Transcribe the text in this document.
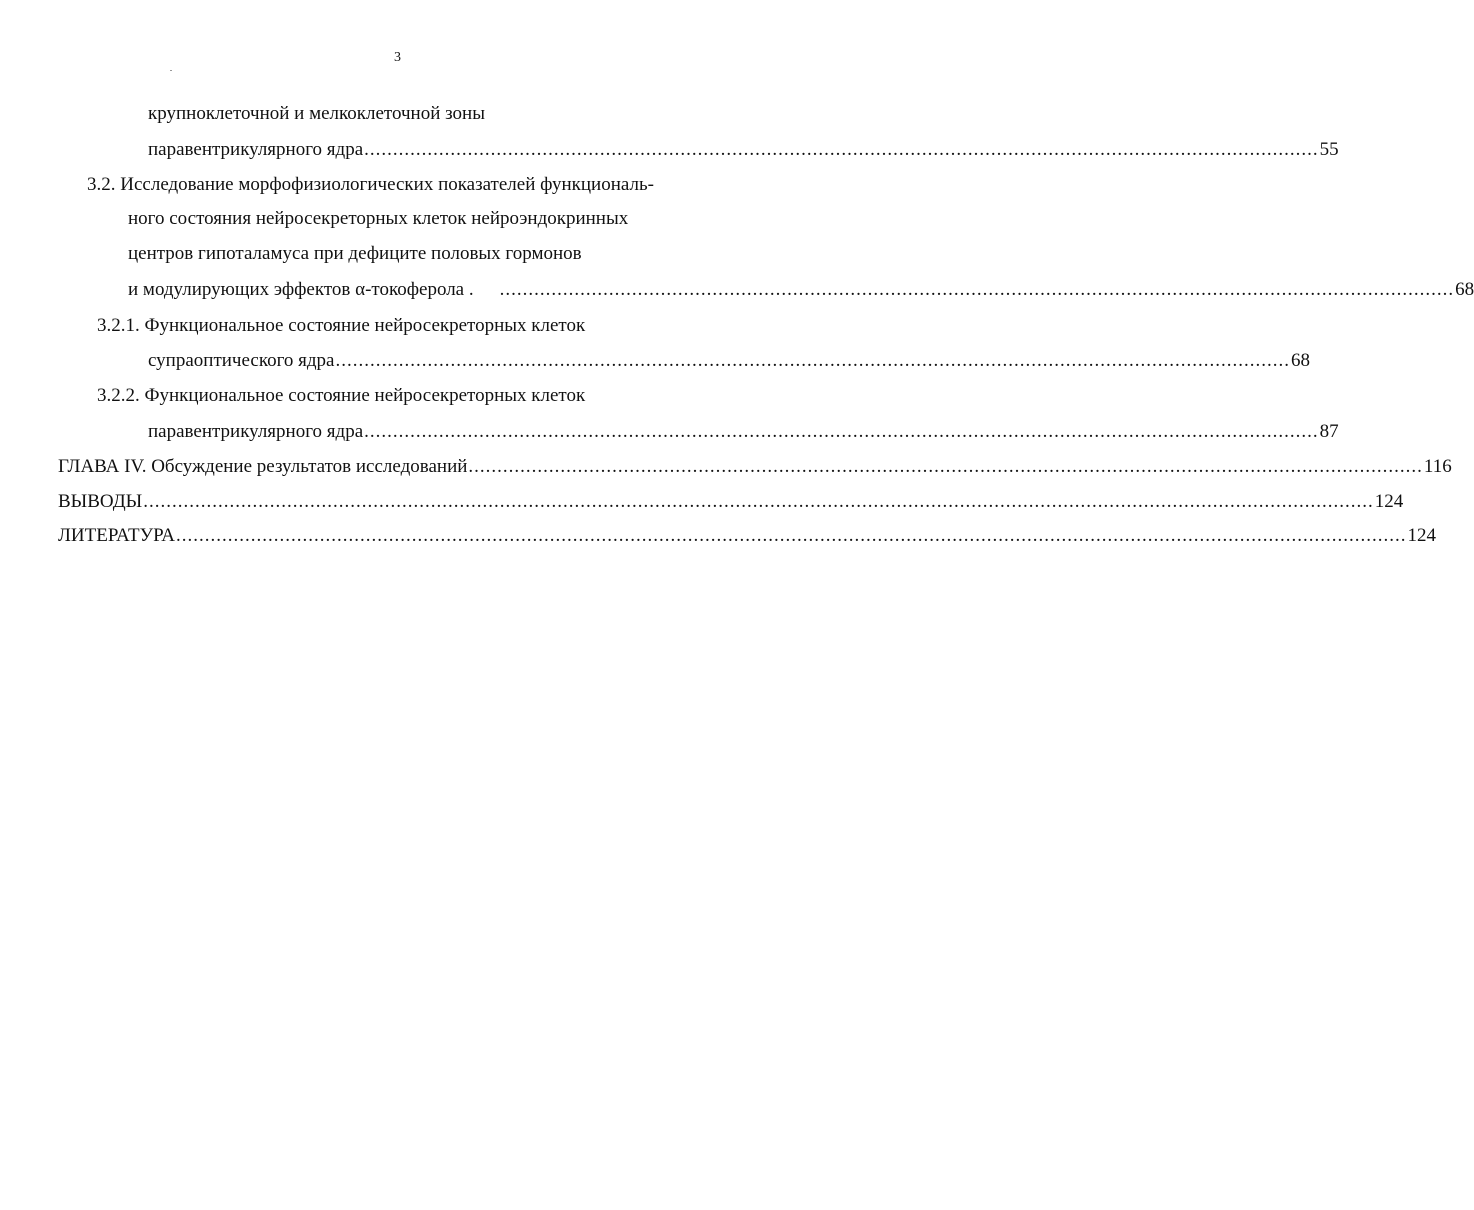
3
крупноклеточной и мелкоклеточной зоны
паравентрикулярного ядра ...................................................................................................................................................................... 55
3.2. Исследование морфофизиологических показателей функциональ-
ного состояния нейросекреторных клеток нейроэндокринных
центров гипоталамуса при дефиците половых гормонов
и модулирующих эффектов α-токоферола . ...................................................................................................................................................................... 68
3.2.1. Функциональное состояние нейросекреторных клеток
супраоптического ядра ...................................................................................................................................................................... 68
3.2.2. Функциональное состояние нейросекреторных клеток
паравентрикулярного ядра ...................................................................................................................................................................... 87
ГЛАВА IV. Обсуждение результатов исследований ...................................................................................................................................................................... 116
ВЫВОДЫ ...................................................................................................................................................................................................................... 124
ЛИТЕРАТУРА ...................................................................................................................................................................................................................... 124
